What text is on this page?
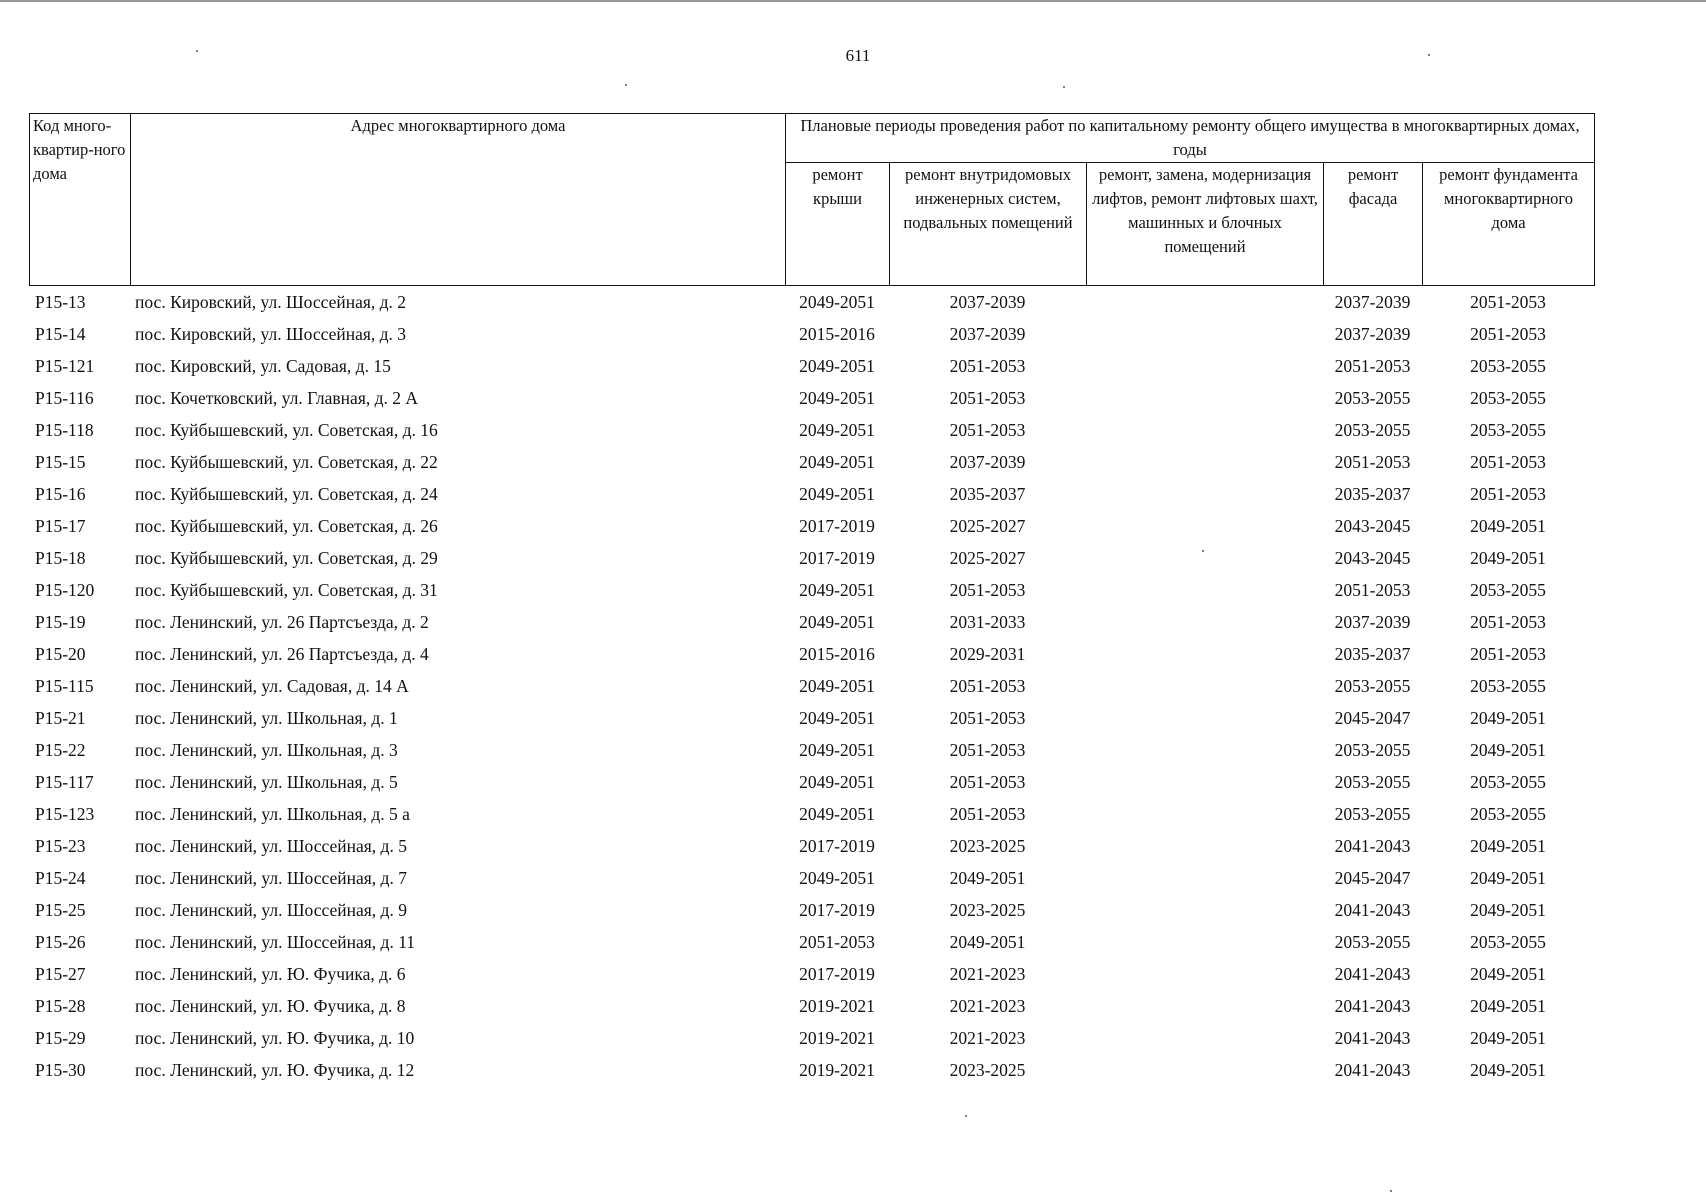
611
Код много-квартир-ного дома	Адрес многоквартирного дома	Плановые периоды проведения работ по капитальному ремонту общего имущества в многоквартирных домах, годы				
		ремонт крыши	ремонт внутридомовых инженерных систем, подвальных помещений	ремонт, замена, модернизация лифтов, ремонт лифтовых шахт, машинных и блочных помещений	ремонт фасада	ремонт фундамента многоквартирного дома
P15-13	пос. Кировский, ул. Шоссейная, д. 2	2049-2051	2037-2039		2037-2039	2051-2053
P15-14	пос. Кировский, ул. Шоссейная, д. 3	2015-2016	2037-2039		2037-2039	2051-2053
P15-121	пос. Кировский, ул. Садовая, д. 15	2049-2051	2051-2053		2051-2053	2053-2055
P15-116	пос. Кочетковский, ул. Главная, д. 2 А	2049-2051	2051-2053		2053-2055	2053-2055
P15-118	пос. Куйбышевский, ул. Советская, д. 16	2049-2051	2051-2053		2053-2055	2053-2055
P15-15	пос. Куйбышевский, ул. Советская, д. 22	2049-2051	2037-2039		2051-2053	2051-2053
P15-16	пос. Куйбышевский, ул. Советская, д. 24	2049-2051	2035-2037		2035-2037	2051-2053
P15-17	пос. Куйбышевский, ул. Советская, д. 26	2017-2019	2025-2027		2043-2045	2049-2051
P15-18	пос. Куйбышевский, ул. Советская, д. 29	2017-2019	2025-2027		2043-2045	2049-2051
P15-120	пос. Куйбышевский, ул. Советская, д. 31	2049-2051	2051-2053		2051-2053	2053-2055
P15-19	пос. Ленинский, ул. 26 Партсъезда, д. 2	2049-2051	2031-2033		2037-2039	2051-2053
P15-20	пос. Ленинский, ул. 26 Партсъезда, д. 4	2015-2016	2029-2031		2035-2037	2051-2053
P15-115	пос. Ленинский, ул. Садовая, д. 14 А	2049-2051	2051-2053		2053-2055	2053-2055
P15-21	пос. Ленинский, ул. Школьная, д. 1	2049-2051	2051-2053		2045-2047	2049-2051
P15-22	пос. Ленинский, ул. Школьная, д. 3	2049-2051	2051-2053		2053-2055	2049-2051
P15-117	пос. Ленинский, ул. Школьная, д. 5	2049-2051	2051-2053		2053-2055	2053-2055
P15-123	пос. Ленинский, ул. Школьная, д. 5 а	2049-2051	2051-2053		2053-2055	2053-2055
P15-23	пос. Ленинский, ул. Шоссейная, д. 5	2017-2019	2023-2025		2041-2043	2049-2051
P15-24	пос. Ленинский, ул. Шоссейная, д. 7	2049-2051	2049-2051		2045-2047	2049-2051
P15-25	пос. Ленинский, ул. Шоссейная, д. 9	2017-2019	2023-2025		2041-2043	2049-2051
P15-26	пос. Ленинский, ул. Шоссейная, д. 11	2051-2053	2049-2051		2053-2055	2053-2055
P15-27	пос. Ленинский, ул. Ю. Фучика, д. 6	2017-2019	2021-2023		2041-2043	2049-2051
P15-28	пос. Ленинский, ул. Ю. Фучика, д. 8	2019-2021	2021-2023		2041-2043	2049-2051
P15-29	пос. Ленинский, ул. Ю. Фучика, д. 10	2019-2021	2021-2023		2041-2043	2049-2051
P15-30	пос. Ленинский, ул. Ю. Фучика, д. 12	2019-2021	2023-2025		2041-2043	2049-2051
